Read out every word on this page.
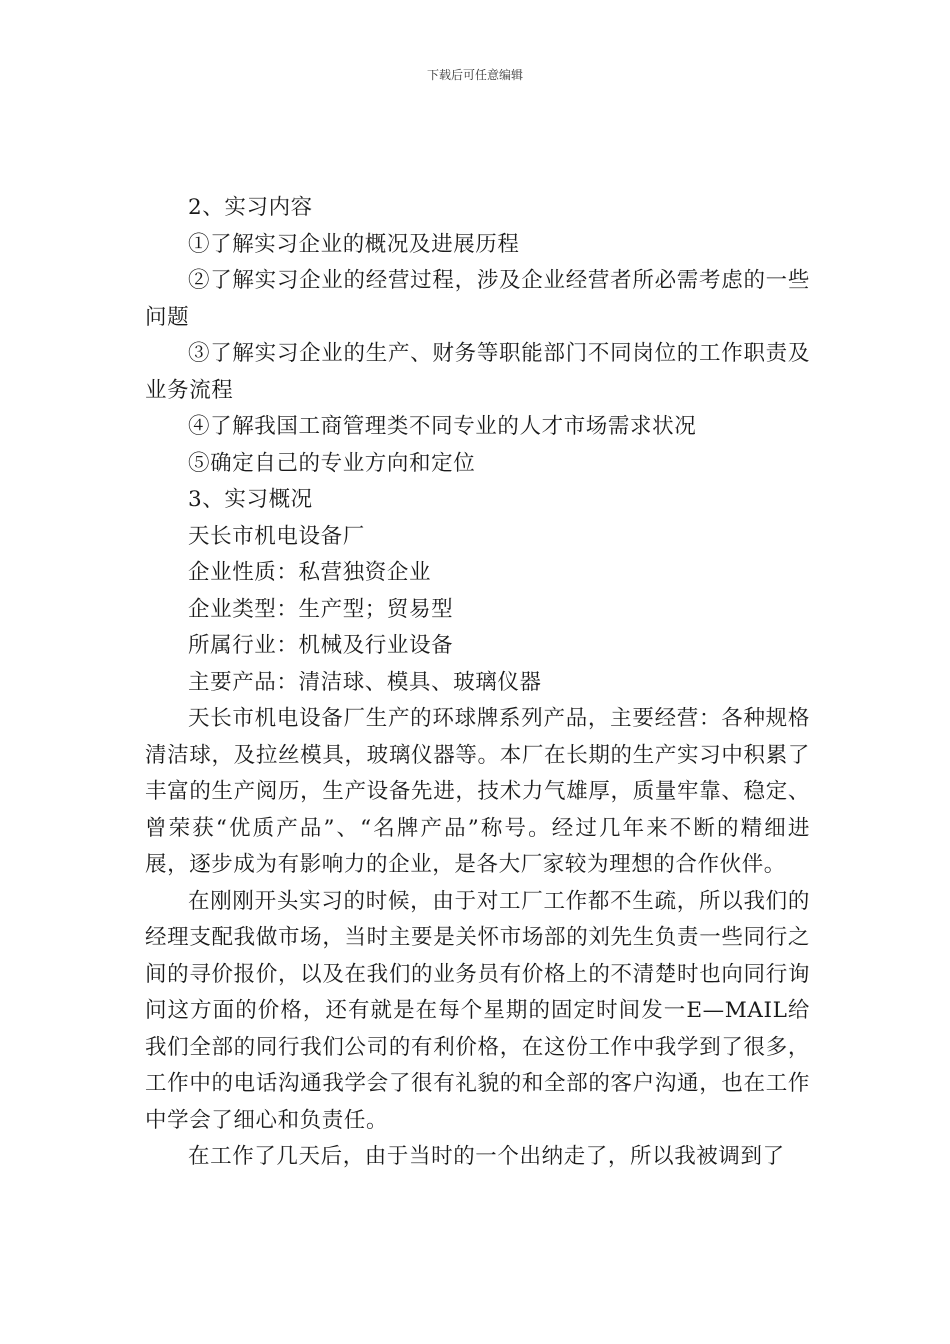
下载后可任意编辑

2、实习内容

①了解实习企业的概况及进展历程

②了解实习企业的经营过程，涉及企业经营者所必需考虑的一些问题

③了解实习企业的生产、财务等职能部门不同岗位的工作职责及业务流程

④了解我国工商管理类不同专业的人才市场需求状况

⑤确定自己的专业方向和定位

3、实习概况

天长市机电设备厂

企业性质：私营独资企业

企业类型：生产型；贸易型

所属行业：机械及行业设备

主要产品：清洁球、模具、玻璃仪器

天长市机电设备厂生产的环球牌系列产品，主要经营：各种规格清洁球，及拉丝模具，玻璃仪器等。本厂在长期的生产实习中积累了丰富的生产阅历，生产设备先进，技术力气雄厚，质量牢靠、稳定、曾荣获“优质产品”、“名牌产品”称号。经过几年来不断的精细进展，逐步成为有影响力的企业，是各大厂家较为理想的合作伙伴。

在刚刚开头实习的时候，由于对工厂工作都不生疏，所以我们的经理支配我做市场，当时主要是关怀市场部的刘先生负责一些同行之间的寻价报价，以及在我们的业务员有价格上的不清楚时也向同行询问这方面的价格，还有就是在每个星期的固定时间发一E—MAIL给我们全部的同行我们公司的有利价格，在这份工作中我学到了很多，工作中的电话沟通我学会了很有礼貌的和全部的客户沟通，也在工作中学会了细心和负责任。

在工作了几天后，由于当时的一个出纳走了，所以我被调到了
